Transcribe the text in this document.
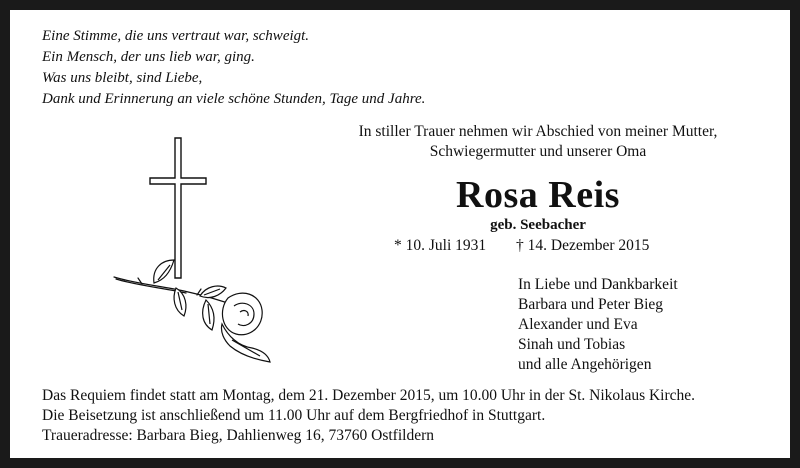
Eine Stimme, die uns vertraut war, schweigt.
Ein Mensch, der uns lieb war, ging.
Was uns bleibt, sind Liebe,
Dank und Erinnerung an viele schöne Stunden, Tage und Jahre.
In stiller Trauer nehmen wir Abschied von meiner Mutter,
Schwiegermutter und unserer Oma
Rosa Reis
geb. Seebacher
* 10. Juli 1931 † 14. Dezember 2015
In Liebe und Dankbarkeit
Barbara und Peter Bieg
Alexander und Eva
Sinah und Tobias
und alle Angehörigen
Das Requiem findet statt am Montag, dem 21. Dezember 2015, um 10.00 Uhr in der St. Nikolaus Kirche.
Die Beisetzung ist anschließend um 11.00 Uhr auf dem Bergfriedhof in Stuttgart.
Traueradresse: Barbara Bieg, Dahlienweg 16, 73760 Ostfildern
